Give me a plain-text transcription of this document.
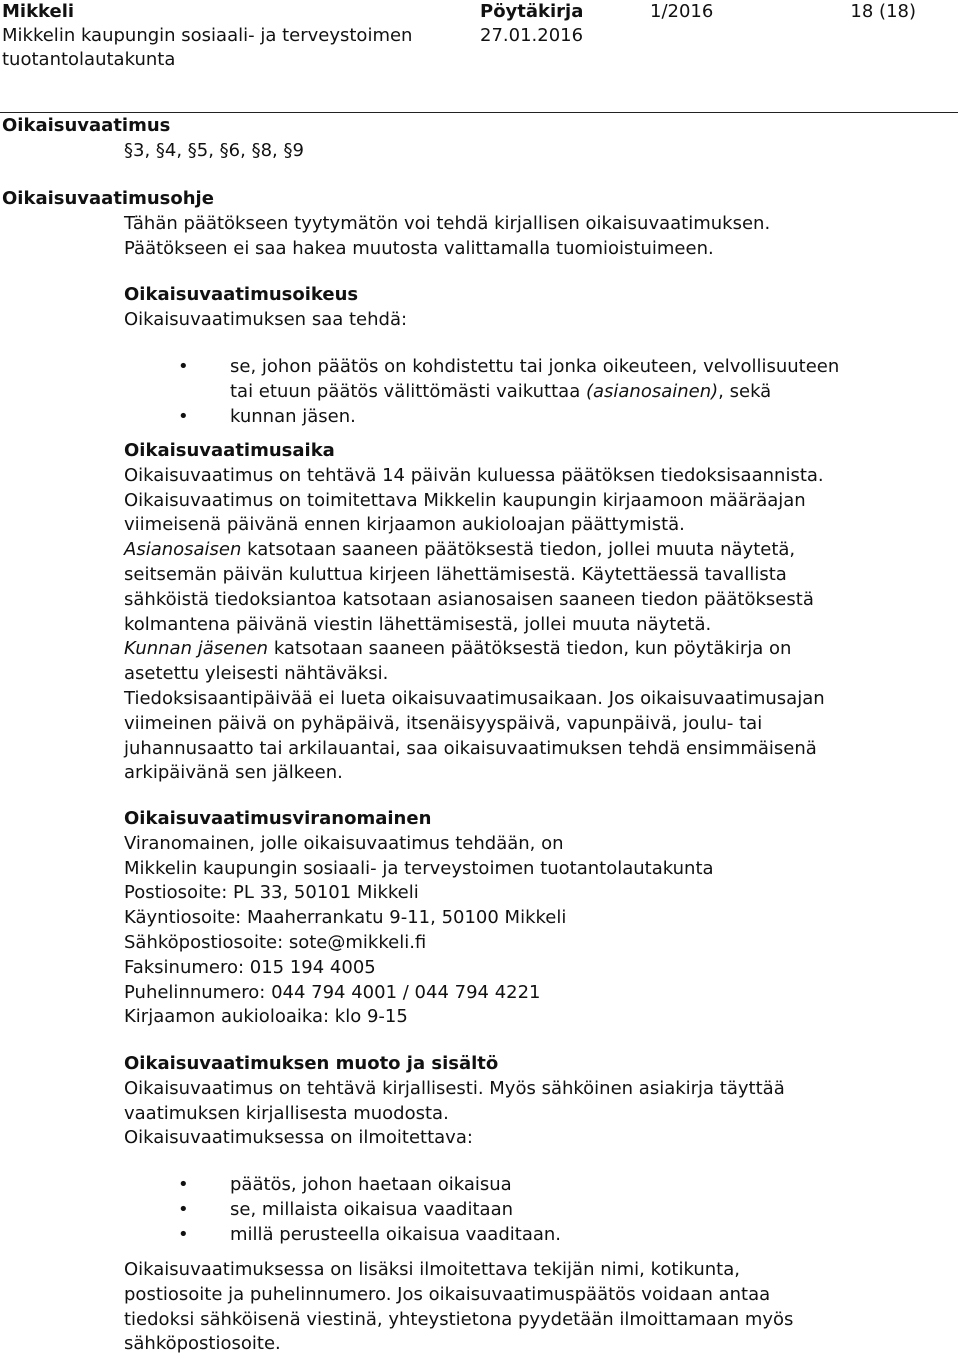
Mikkeli
Mikkelin kaupungin sosiaali- ja terveystoimen
tuotantolautakunta
Pöytäkirja
27.01.2016
1/2016	18 (18)
Oikaisuvaatimus
§3, §4, §5, §6, §8, §9
Oikaisuvaatimusohje
Tähän päätökseen tyytymätön voi tehdä kirjallisen oikaisuvaatimuksen.
Päätökseen ei saa hakea muutosta valittamalla tuomioistuimeen.
Oikaisuvaatimusoikeus
Oikaisuvaatimuksen saa tehdä:
• se, johon päätös on kohdistettu tai jonka oikeuteen, velvollisuuteen
tai etuun päätös välittömästi vaikuttaa (asianosainen), sekä
• kunnan jäsen.
Oikaisuvaatimusaika
Oikaisuvaatimus on tehtävä 14 päivän kuluessa päätöksen tiedoksisaannista.
Oikaisuvaatimus on toimitettava Mikkelin kaupungin kirjaamoon määräajan
viimeisenä päivänä ennen kirjaamon aukioloajan päättymistä.
Asianosaisen katsotaan saaneen päätöksestä tiedon, jollei muuta näytetä,
seitsemän päivän kuluttua kirjeen lähettämisestä. Käytettäessä tavallista
sähköistä tiedoksiantoa katsotaan asianosaisen saaneen tiedon päätöksestä
kolmantena päivänä viestin lähettämisestä, jollei muuta näytetä.
Kunnan jäsenen katsotaan saaneen päätöksestä tiedon, kun pöytäkirja on
asetettu yleisesti nähtäväksi.
Tiedoksisaantipäivää ei lueta oikaisuvaatimusaikaan. Jos oikaisuvaatimusajan
viimeinen päivä on pyhäpäivä, itsenäisyyspäivä, vapunpäivä, joulu- tai
juhannusaatto tai arkilauantai, saa oikaisuvaatimuksen tehdä ensimmäisenä
arkipäivänä sen jälkeen.
Oikaisuvaatimusviranomainen
Viranomainen, jolle oikaisuvaatimus tehdään, on
Mikkelin kaupungin sosiaali- ja terveystoimen tuotantolautakunta
Postiosoite: PL 33, 50101 Mikkeli
Käyntiosoite: Maaherrankatu 9-11, 50100 Mikkeli
Sähköpostiosoite: sote@mikkeli.fi
Faksinumero: 015 194 4005
Puhelinnumero: 044 794 4001 / 044 794 4221
Kirjaamon aukioloaika: klo 9-15
Oikaisuvaatimuksen muoto ja sisältö
Oikaisuvaatimus on tehtävä kirjallisesti. Myös sähköinen asiakirja täyttää
vaatimuksen kirjallisesta muodosta.
Oikaisuvaatimuksessa on ilmoitettava:
• päätös, johon haetaan oikaisua
• se, millaista oikaisua vaaditaan
• millä perusteella oikaisua vaaditaan.
Oikaisuvaatimuksessa on lisäksi ilmoitettava tekijän nimi, kotikunta,
postiosoite ja puhelinnumero. Jos oikaisuvaatimuspäätös voidaan antaa
tiedoksi sähköisenä viestinä, yhteystietona pyydetään ilmoittamaan myös
sähköpostiosoite.
